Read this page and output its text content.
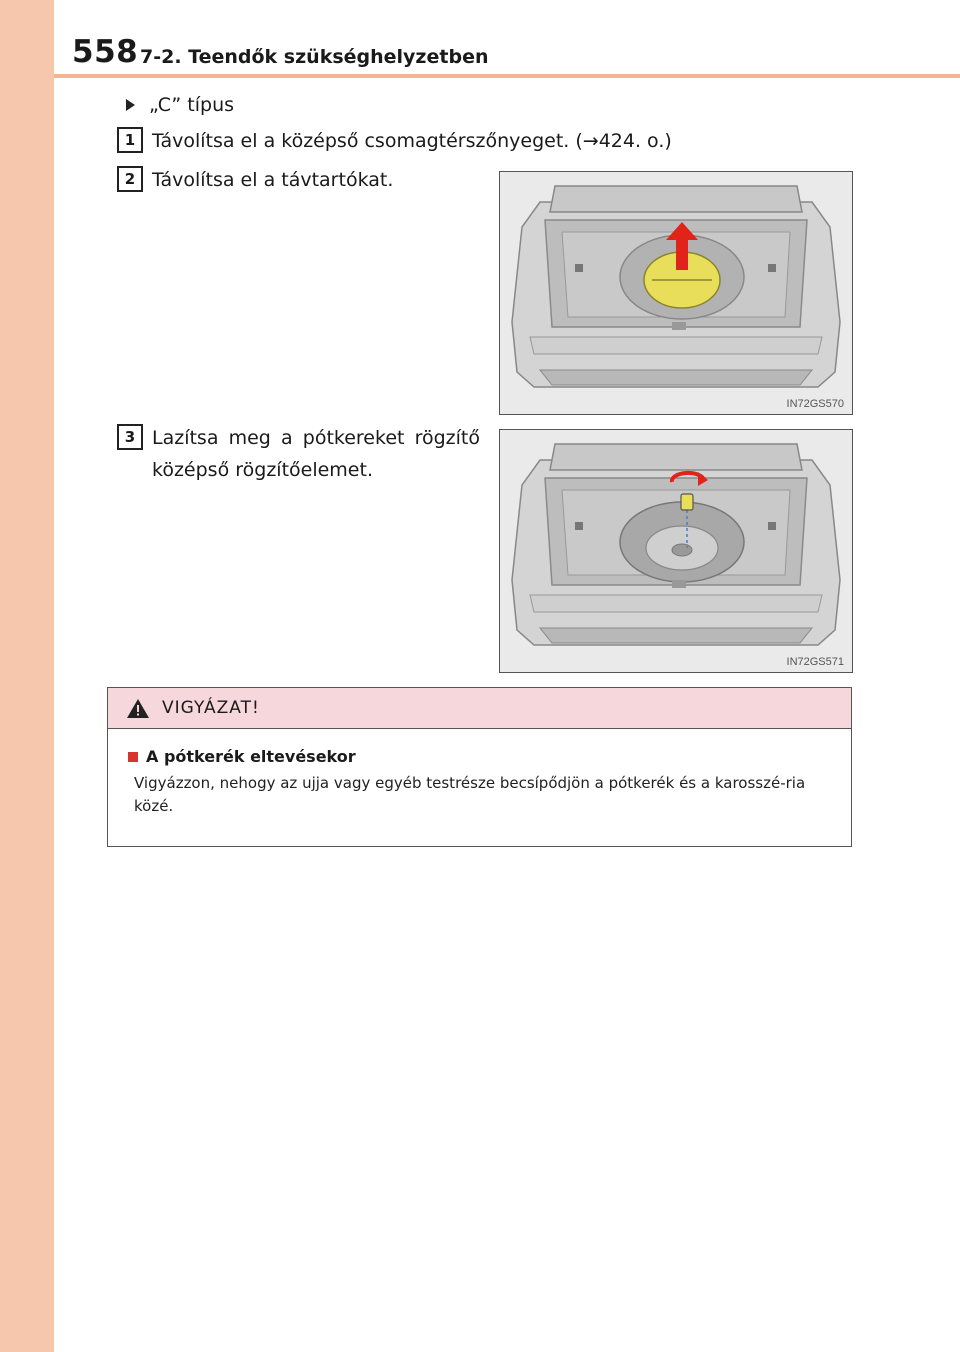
558 7-2. Teendők szükséghelyzetben
„C” típus
1 Távolítsa el a középső csomagtérszőnyeget. (→424. o.)
2 Távolítsa el a távtartókat.
3 Lazítsa meg a pótkereket rögzítő középső rögzítőelemet.
IN72GS570
IN72GS571
VIGYÁZAT!
A pótkerék eltevésekor
Vigyázzon, nehogy az ujja vagy egyéb testrésze becsípődjön a pótkerék és a karosszé-ria közé.
